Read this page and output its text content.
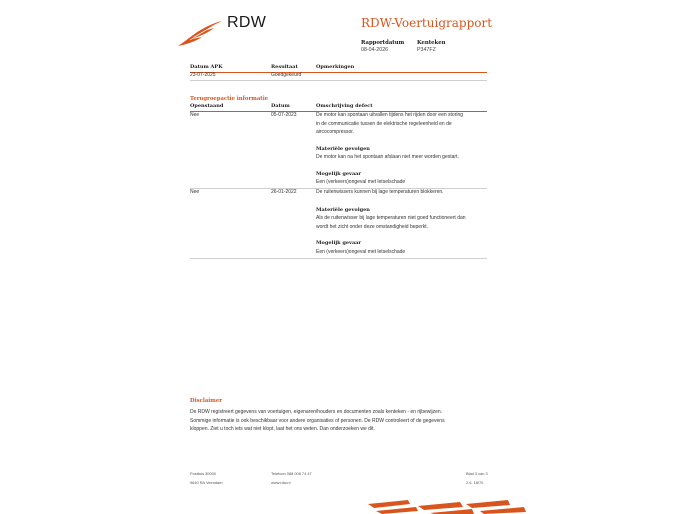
RDW	RDW-Voertuigrapport
Rapportdatum
08-04-2026
Kenteken
P347FZ
Datum APK	Resultaat	Opmerkingen
23-07-2025	Goedgekeurd
Terugroepactie informatie
Openstaand	Datum	Omschrijving defect
Nee	05-07-2023	De motor kan spontaan uitvallen tijdens het rijden door een storing
in de communicatie tussen de elektrische regeleenheid en de
aircocompressor.
Materiële gevolgen
De motor kan na het spontaan afslaan niet meer worden gestart.
Mogelijk gevaar
Een (verkeers)ongeval met letselschade
Nee	26-01-2022	De ruitenwissers kunnen bij lage temperaturen blokkeren.
Materiële gevolgen
Als de ruitenwisser bij lage temperaturen niet goed functioneert dan
wordt het zicht onder deze omstandigheid beperkt.
Mogelijk gevaar
Een (verkeers)ongeval met letselschade
Disclaimer
De RDW registreert gegevens van voertuigen, eigenaren/houders en documenten zoals kenteken - en rijbewijzen.
Sommige informatie is ook beschikbaar voor andere organisaties of personen. De RDW controleert of de gegevens
kloppen. Ziet u toch iets wat niet klopt, laat het ons weten. Dan onderzoeken we dit.
Postbus 30000
9640 RA Veendam
Telefoon 088 008 74 47
www.rdw.nl
Blad 3 van 3
2.6. 18/70
